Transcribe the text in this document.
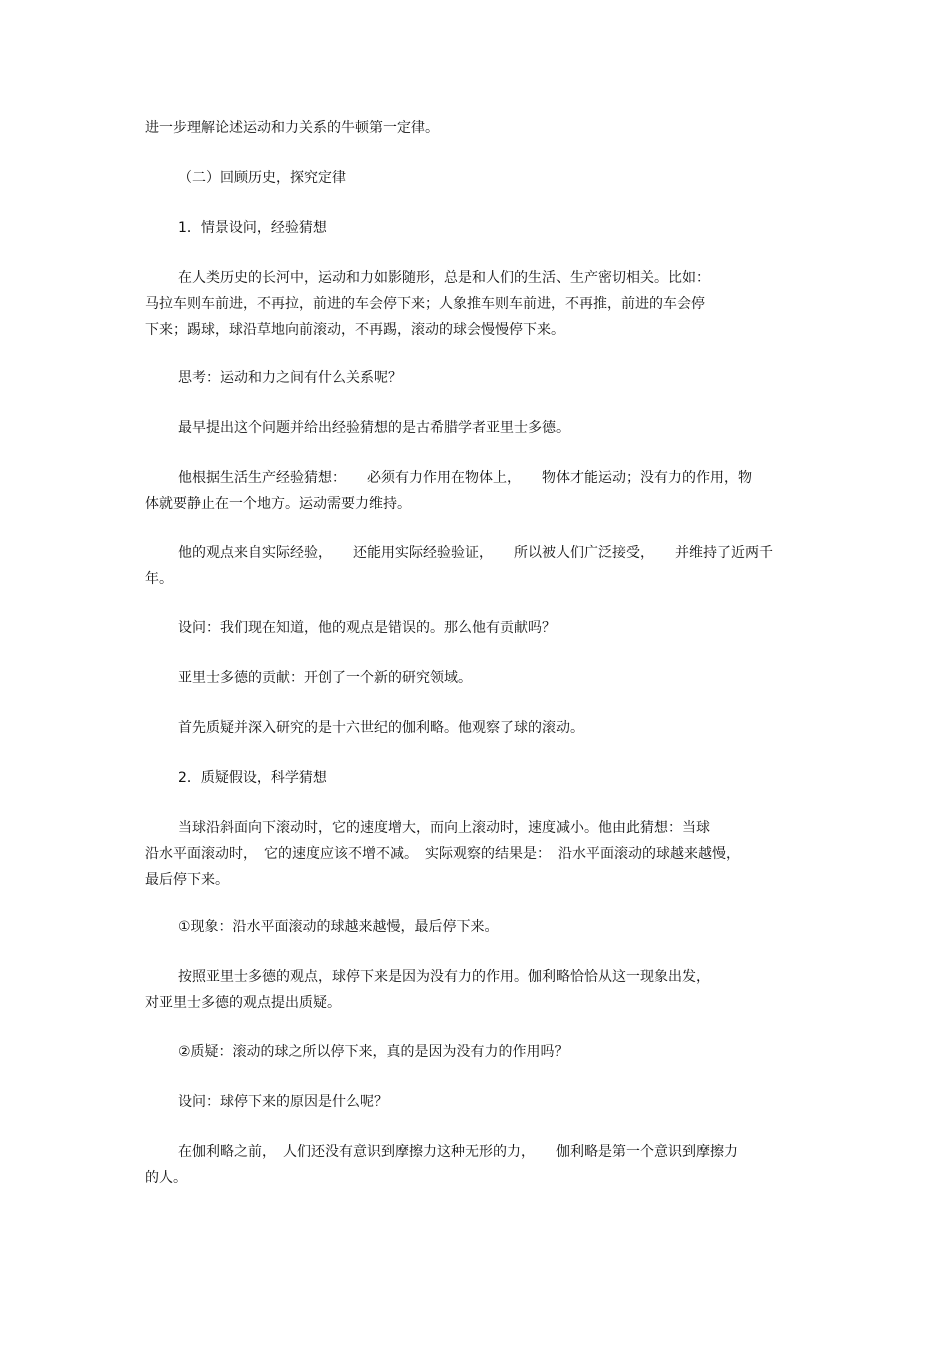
进一步理解论述运动和力关系的牛顿第一定律。

（二）回顾历史，探究定律

1．情景设问，经验猜想

在人类历史的长河中，运动和力如影随形，总是和人们的生活、生产密切相关。比如：
马拉车则车前进，不再拉，前进的车会停下来；人象推车则车前进，不再推，前进的车会停
下来；踢球，球沿草地向前滚动，不再踢，滚动的球会慢慢停下来。

思考：运动和力之间有什么关系呢？

最早提出这个问题并给出经验猜想的是古希腊学者亚里士多德。

他根据生活生产经验猜想：　　必须有力作用在物体上，　　物体才能运动；没有力的作用，物
体就要静止在一个地方。运动需要力维持。

他的观点来自实际经验，　　还能用实际经验验证，　　所以被人们广泛接受，　　并维持了近两千
年。

设问：我们现在知道，他的观点是错误的。那么他有贡献吗？

亚里士多德的贡献：开创了一个新的研究领域。

首先质疑并深入研究的是十六世纪的伽利略。他观察了球的滚动。

2．质疑假设，科学猜想

当球沿斜面向下滚动时，它的速度增大，而向上滚动时，速度减小。他由此猜想：当球
沿水平面滚动时，　它的速度应该不增不减。　实际观察的结果是：　沿水平面滚动的球越来越慢，
最后停下来。

①现象：沿水平面滚动的球越来越慢，最后停下来。

按照亚里士多德的观点，球停下来是因为没有力的作用。伽利略恰恰从这一现象出发，
对亚里士多德的观点提出质疑。

②质疑：滚动的球之所以停下来，真的是因为没有力的作用吗？

设问：球停下来的原因是什么呢？

在伽利略之前，　人们还没有意识到摩擦力这种无形的力，　　伽利略是第一个意识到摩擦力
的人。
